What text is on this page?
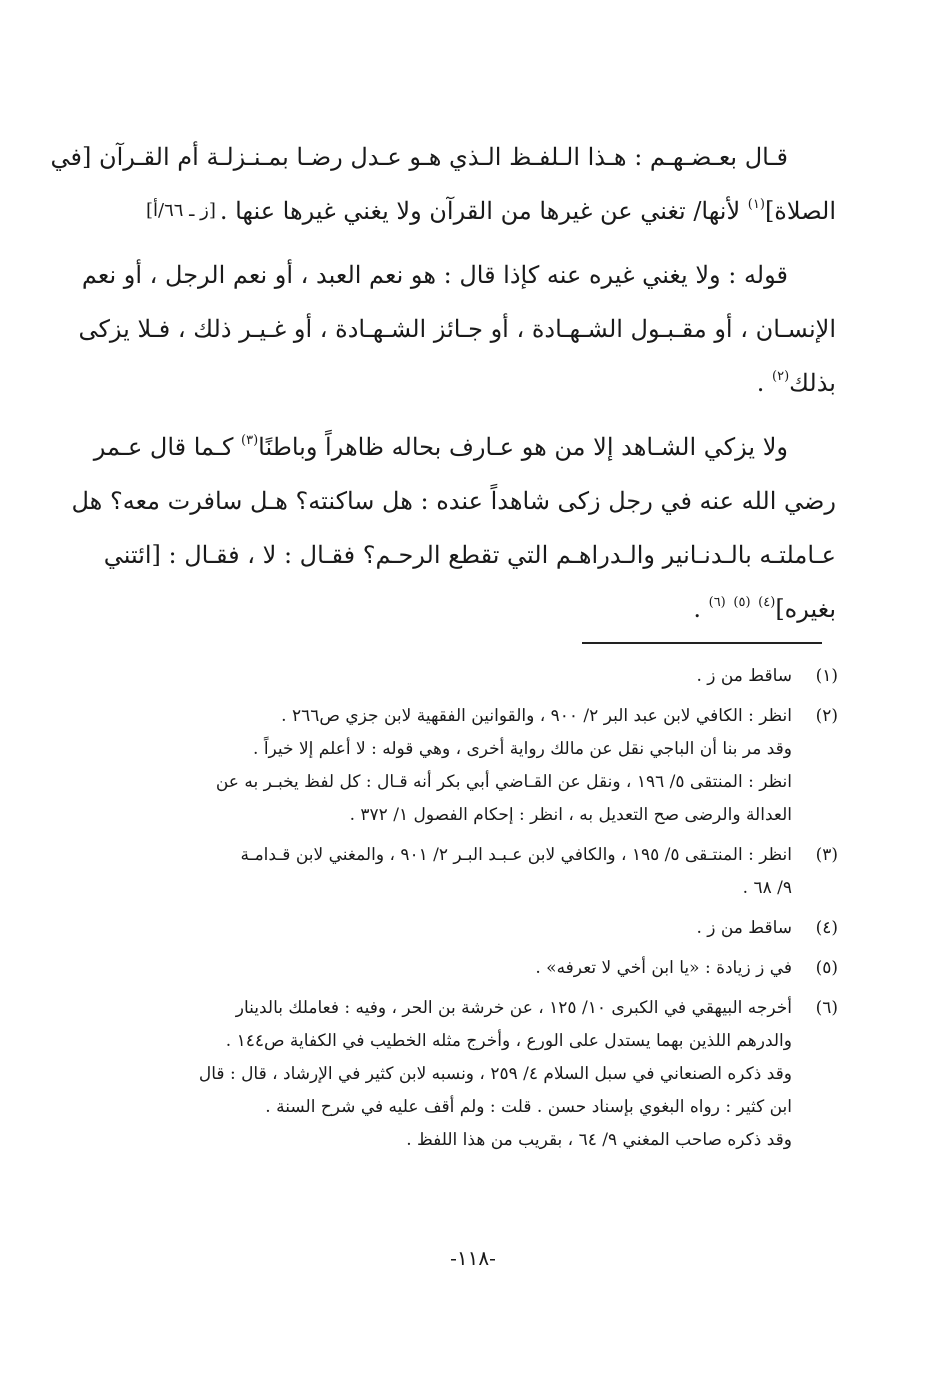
[ز ـ ٦٦/أ]
قـال بعـضـهـم : هـذا الـلفـظ الـذي هـو عـدل رضـا بمـنـزلـة أم القـرآن [في
الصلاة]$^{(١)}$ لأنها/ تغني عن غيرها من القرآن ولا يغني غيرها عنها .
قوله : ولا يغني غيره عنه كإذا قال : هو نعم العبد ، أو نعم الرجل ، أو نعم
الإنسـان ، أو مقـبـول الشـهـادة ، أو جـائز الشـهـادة ، أو غـيـر ذلك ، فـلا يزكى
بذلك$^{(٢)}$ .
ولا يزكي الشـاهد إلا من هو عـارف بحاله ظاهراً وباطنًا$^{(٣)}$ كـما قال عـمر
رضي الله عنه في رجل زكى شاهداً عنده : هل ساكنته؟ هـل سافرت معه؟ هل
عـاملتـه بالـدنـانير والـدراهـم التي تقطع الرحـم؟ فقـال : لا ، فقـال : [ائتني
بغيره]$^{(٤)}$ $^{(٥)}$ $^{(٦)}$ .
(١)
ساقط من ز .
(٢)
انظر : الكافي لابن عبد البر ٢/ ٩٠٠ ، والقوانين الفقهية لابن جزي ص٢٦٦ .
وقد مر بنا أن الباجي نقل عن مالك رواية أخرى ، وهي قوله : لا أعلم إلا خيراً .
انظر : المنتقى ٥/ ١٩٦ ، ونقل عن القـاضي أبي بكر أنه قـال : كل لفظ يخبـر به عن
العدالة والرضى صح التعديل به ، انظر : إحكام الفصول ١/ ٣٧٢ .
(٣)
انظر : المنتـقى ٥/ ١٩٥ ، والكافي لابن عـبـد البـر ٢/ ٩٠١ ، والمغني لابن قـدامـة
٩/ ٦٨ .
(٤)
ساقط من ز .
(٥)
في ز زيادة : «يا ابن أخي لا تعرفه» .
(٦)
أخرجه البيهقي في الكبرى ١٠/ ١٢٥ ، عن خرشة بن الحر ، وفيه : فعاملك بالدينار
والدرهم اللذين بهما يستدل على الورع ، وأخرج مثله الخطيب في الكفاية ص١٤٤ .
وقد ذكره الصنعاني في سبل السلام ٤/ ٢٥٩ ، ونسبه لابن كثير في الإرشاد ، قال : قال
ابن كثير : رواه البغوي بإسناد حسن . قلت : ولم أقف عليه في شرح السنة .
وقد ذكره صاحب المغني ٩/ ٦٤ ، بقريب من هذا اللفظ .
-١١٨-
